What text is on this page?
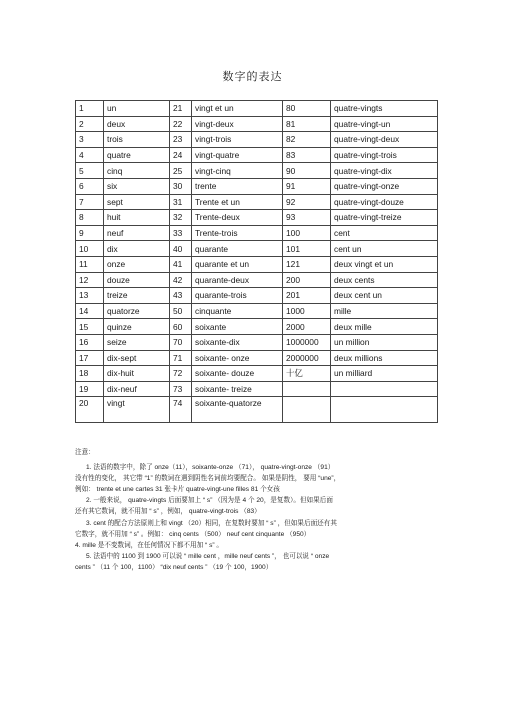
数字的表达
1	un	21	vingt et un	80	quatre-vingts
2	deux	22	vingt-deux	81	quatre-vingt-un
3	trois	23	vingt-trois	82	quatre-vingt-deux
4	quatre	24	vingt-quatre	83	quatre-vingt-trois
5	cinq	25	vingt-cinq	90	quatre-vingt-dix
6	six	30	trente	91	quatre-vingt-onze
7	sept	31	Trente et un	92	quatre-vingt-douze
8	huit	32	Trente-deux	93	quatre-vingt-treize
9	neuf	33	Trente-trois	100	cent
10	dix	40	quarante	101	cent un
11	onze	41	quarante et un	121	deux vingt et un
12	douze	42	quarante-deux	200	deux cents
13	treize	43	quarante-trois	201	deux cent un
14	quatorze	50	cinquante	1000	mille
15	quinze	60	soixante	2000	deux mille
16	seize	70	soixante-dix	1000000	un million
17	dix-sept	71	soixante- onze	2000000	deux millions
18	dix-huit	72	soixante- douze	十亿	un milliard
19	dix-neuf	73	soixante- treize		
20	vingt	74	soixante-quatorze		

注意：

1. 法语的数字中，除了 onze（11），soixante-onze （71）， quatre-vingt-onze （91）

没有性的变化， 其它带 “1” 的数词在遇到阴性名词前均要配合。 如果是阴性， 要用 “une”，

例如： trente et une cartes 31 张卡片 quatre-vingt-une filles 81 个女孩

2. 一般来说， quatre-vingts 后面要加上 “ s” （因为是 4 个 20，是复数）。但如果后面

还有其它数词，就不用加 “ s” ，例如， quatre-vingt-trois （83）

3. cent 的配合方法原则上和 vingt （20）相同，在复数时要加 “ s” ，但如果后面还有其

它数字，就不用加 “ s” 。例如： cinq cents （500） neuf cent cinquante （950）

4. mille 是不变数词，在任何情况下都不用加 “ s” 。

5. 法语中的 1100 到 1900 可以说 “ mille cent ，mille neuf cents ”， 也可以说 “ onze

cents ” （11 个 100，1100） “dix neuf cents ” （19 个 100，1900）
